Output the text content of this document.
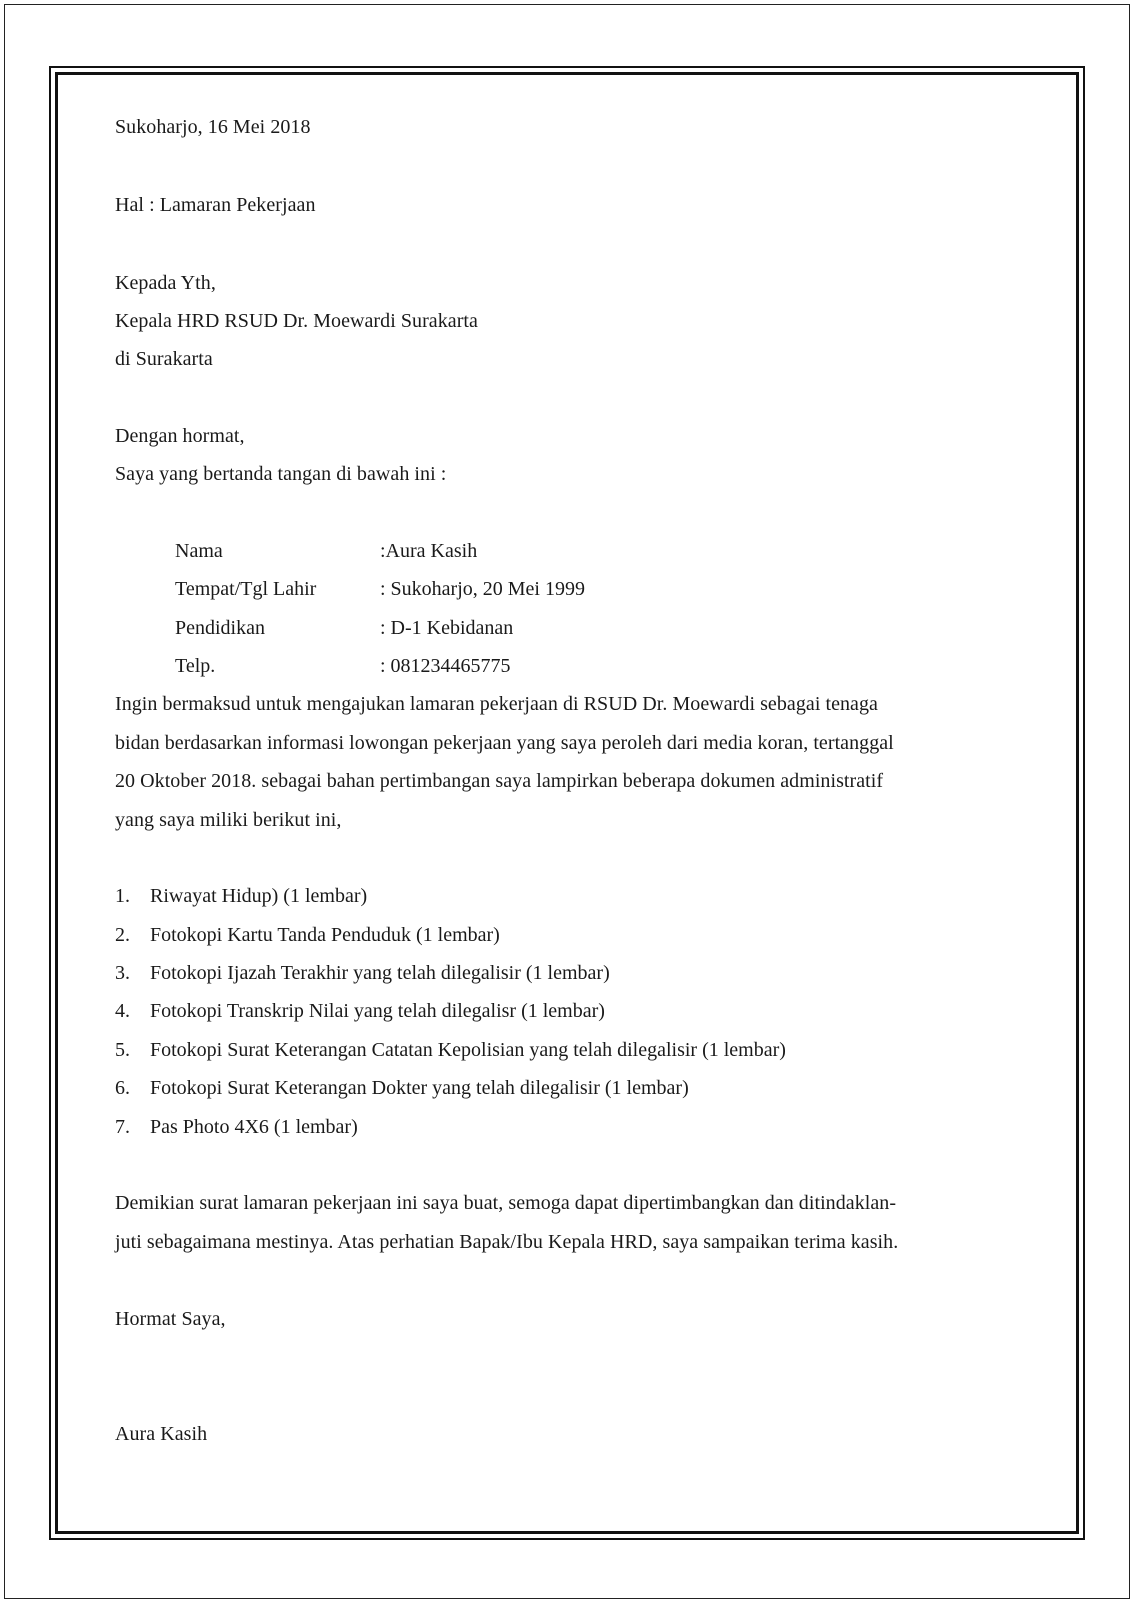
Sukoharjo, 16 Mei 2018
Hal : Lamaran Pekerjaan
Kepada Yth,
Kepala HRD RSUD Dr. Moewardi Surakarta
di Surakarta
Dengan hormat,
Saya yang bertanda tangan di bawah ini :
Nama	:Aura Kasih
Tempat/Tgl Lahir	: Sukoharjo, 20 Mei 1999
Pendidikan	: D-1 Kebidanan
Telp.	: 081234465775
Ingin bermaksud untuk mengajukan lamaran pekerjaan di RSUD Dr. Moewardi sebagai tenaga
bidan berdasarkan informasi lowongan pekerjaan yang saya peroleh dari media koran, tertanggal
20 Oktober 2018. sebagai bahan pertimbangan saya lampirkan beberapa dokumen administratif
yang saya miliki berikut ini,
1. Riwayat Hidup) (1 lembar)
2. Fotokopi Kartu Tanda Penduduk (1 lembar)
3. Fotokopi Ijazah Terakhir yang telah dilegalisir (1 lembar)
4. Fotokopi Transkrip Nilai yang telah dilegalisr (1 lembar)
5. Fotokopi Surat Keterangan Catatan Kepolisian yang telah dilegalisir (1 lembar)
6. Fotokopi Surat Keterangan Dokter yang telah dilegalisir (1 lembar)
7. Pas Photo 4X6 (1 lembar)
Demikian surat lamaran pekerjaan ini saya buat, semoga dapat dipertimbangkan dan ditindaklan-
juti sebagaimana mestinya. Atas perhatian Bapak/Ibu Kepala HRD, saya sampaikan terima kasih.
Hormat Saya,
Aura Kasih
